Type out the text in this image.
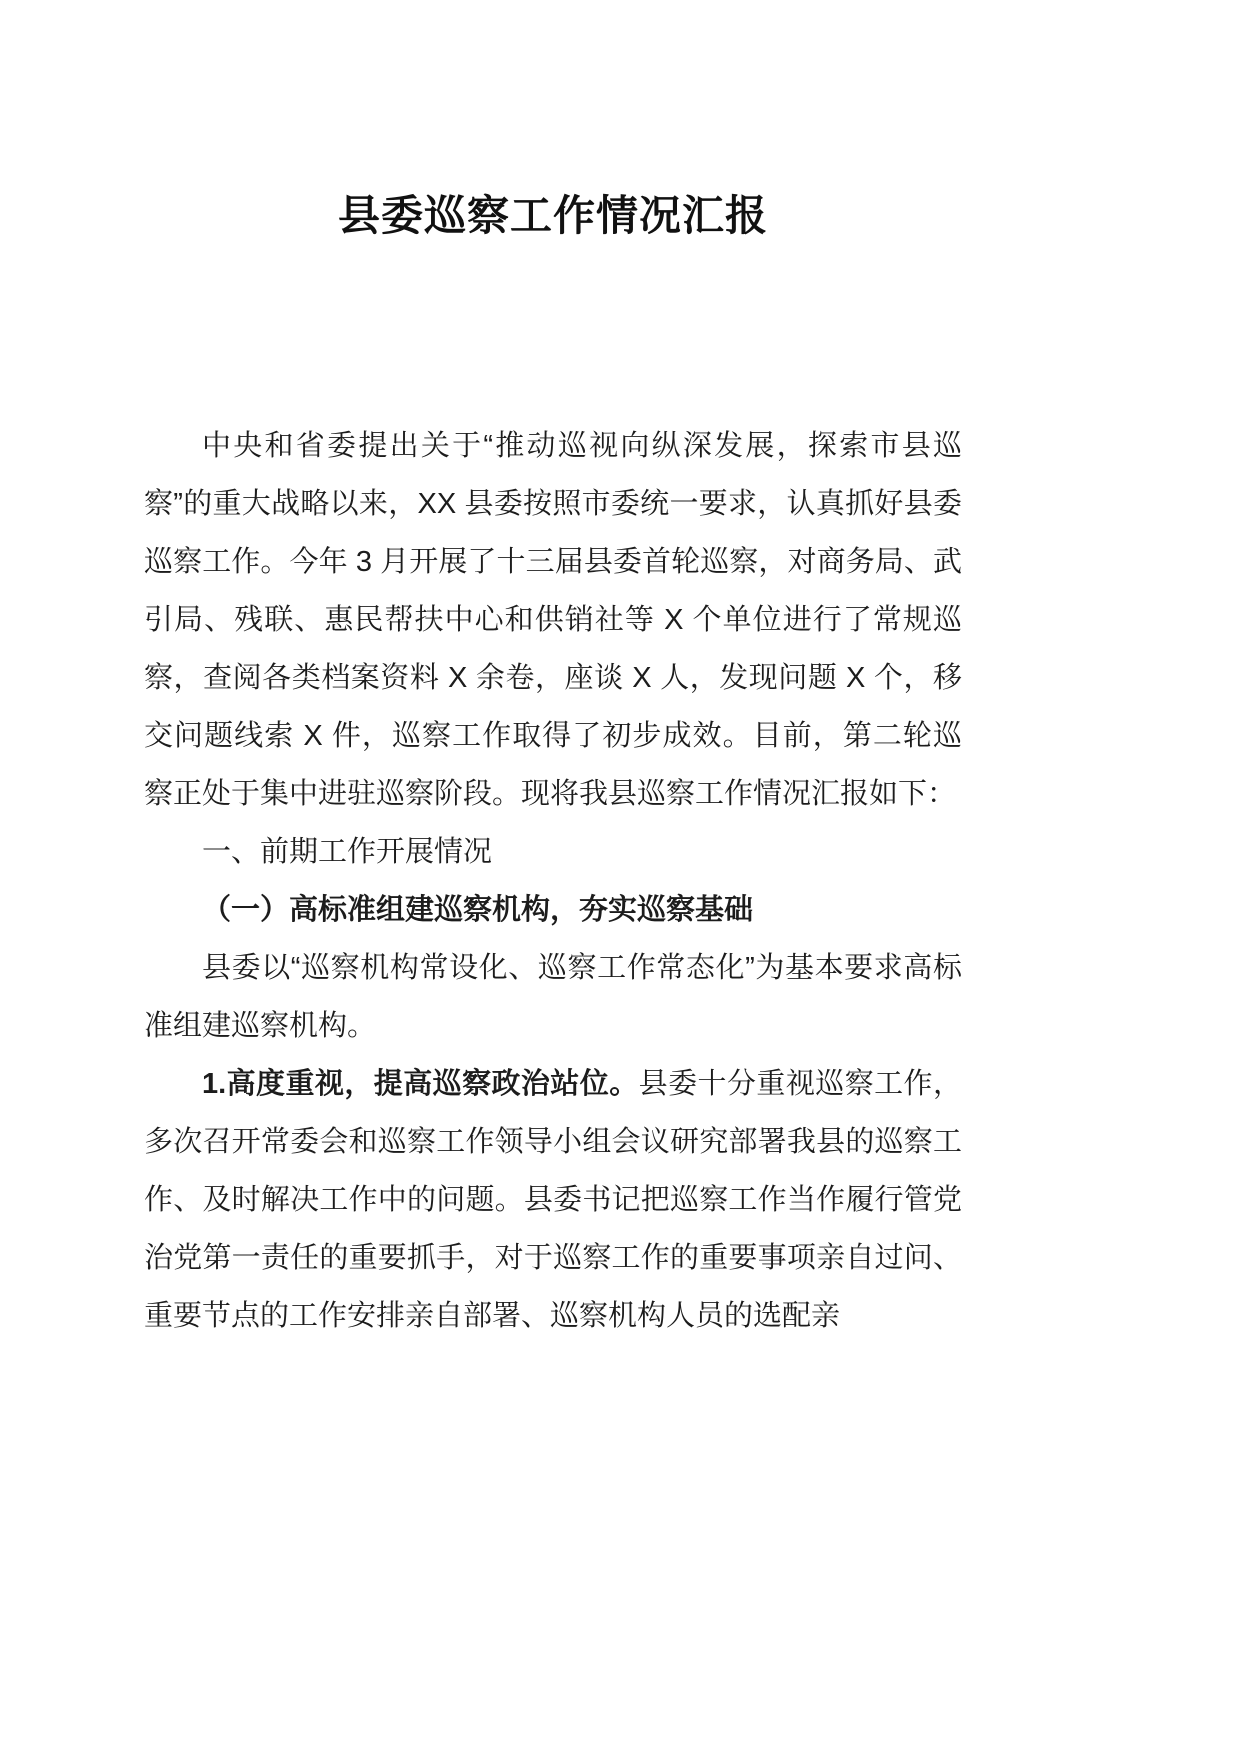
县委巡察工作情况汇报

中央和省委提出关于“推动巡视向纵深发展，探索市县巡察”的重大战略以来，XX 县委按照市委统一要求，认真抓好县委巡察工作。今年 3 月开展了十三届县委首轮巡察，对商务局、武引局、残联、惠民帮扶中心和供销社等 X 个单位进行了常规巡察，查阅各类档案资料 X 余卷，座谈 X 人，发现问题 X 个，移交问题线索 X 件，巡察工作取得了初步成效。目前，第二轮巡察正处于集中进驻巡察阶段。现将我县巡察工作情况汇报如下：

一、前期工作开展情况

（一）高标准组建巡察机构，夯实巡察基础

县委以“巡察机构常设化、巡察工作常态化”为基本要求高标准组建巡察机构。

1.高度重视，提高巡察政治站位。县委十分重视巡察工作，多次召开常委会和巡察工作领导小组会议研究部署我县的巡察工作、及时解决工作中的问题。县委书记把巡察工作当作履行管党治党第一责任的重要抓手，对于巡察工作的重要事项亲自过问、重要节点的工作安排亲自部署、巡察机构人员的选配亲
